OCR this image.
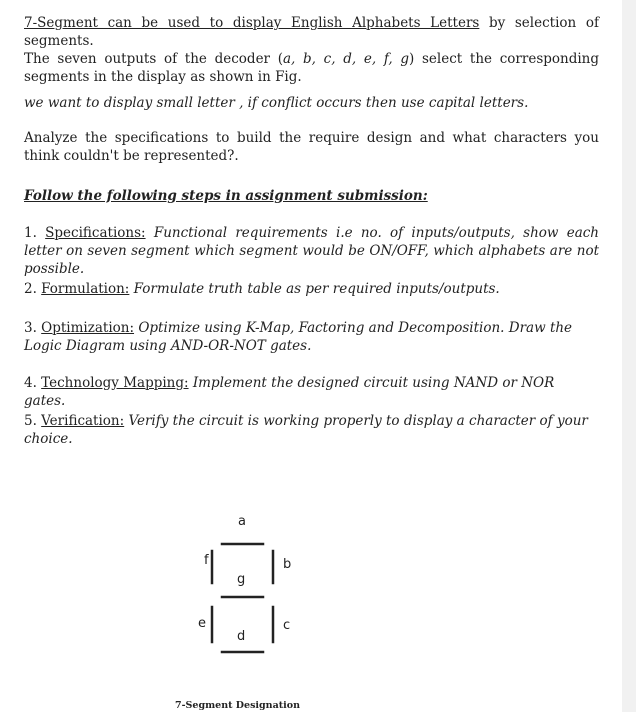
7-Segment can be used to display English Alphabets Letters by selection of segments.
The seven outputs of the decoder (a, b, c, d, e, f, g) select the corresponding segments in the display as shown in Fig.

we want to display small letter , if conflict occurs then use capital letters.

Analyze the specifications to build the require design and what characters you think couldn't be represented?.

Follow the following steps in assignment submission:

1. Specifications: Functional requirements i.e no. of inputs/outputs, show each letter on seven segment which segment would be ON/OFF, which alphabets are not possible.

2. Formulation: Formulate truth table as per required inputs/outputs.

3. Optimization: Optimize using K-Map, Factoring and Decomposition. Draw the Logic Diagram using AND-OR-NOT gates.

4. Technology Mapping: Implement the designed circuit using NAND or NOR gates.

5. Verification: Verify the circuit is working properly to display a character of your choice.

a
f	b
g
e	c
d
7-Segment Designation
